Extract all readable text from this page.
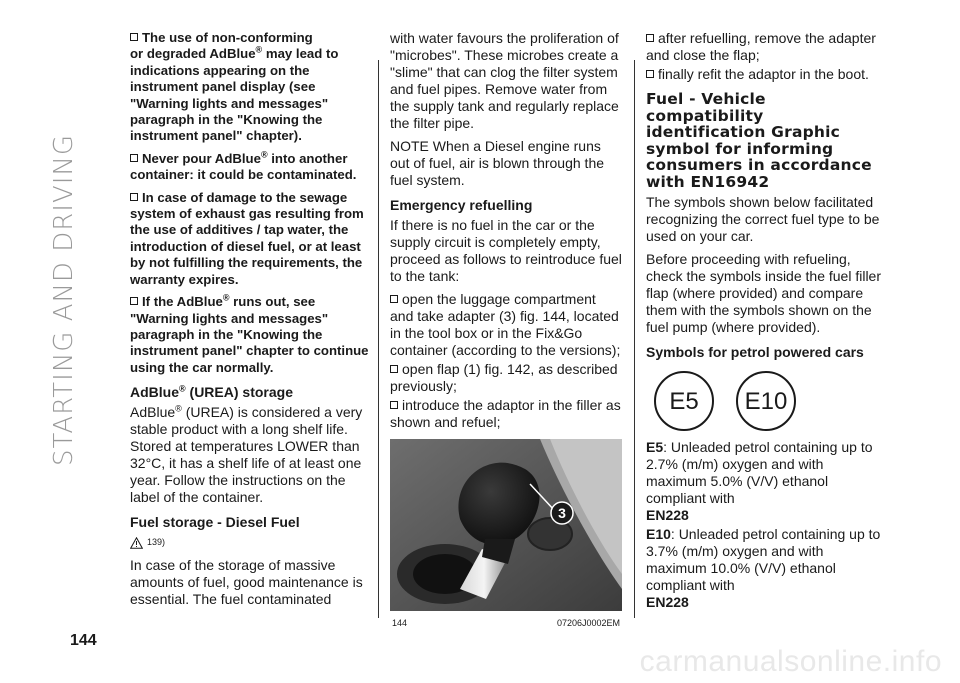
STARTING AND DRIVING

The use of non-conforming
or degraded AdBlue® may lead to indications appearing on the instrument panel display (see "Warning lights and messages" paragraph in the "Knowing the instrument panel" chapter).

Never pour AdBlue® into another container: it could be contaminated.

In case of damage to the sewage system of exhaust gas resulting from the use of additives / tap water, the introduction of diesel fuel, or at least by not fulfilling the requirements, the warranty expires.

If the AdBlue® runs out, see "Warning lights and messages" paragraph in the "Knowing the instrument panel" chapter to continue using the car normally.

AdBlue® (UREA) storage

AdBlue® (UREA) is considered a very stable product with a long shelf life. Stored at temperatures LOWER than 32°C, it has a shelf life of at least one year. Follow the instructions on the label of the container.

Fuel storage - Diesel Fuel
139)

In case of the storage of massive amounts of fuel, good maintenance is essential. The fuel contaminated

with water favours the proliferation of "microbes". These microbes create a "slime" that can clog the filter system and fuel pipes. Remove water from the supply tank and regularly replace the filter pipe.

NOTE When a Diesel engine runs out of fuel, air is blown through the fuel system.

Emergency refuelling

If there is no fuel in the car or the supply circuit is completely empty, proceed as follows to reintroduce fuel to the tank:

open the luggage compartment and take adapter (3) fig. 144, located in the tool box or in the Fix&Go container (according to the versions);

open flap (1) fig. 142, as described previously;

introduce the adaptor in the filler as shown and refuel;

3
144	07206J0002EM

after refuelling, remove the adapter and close the flap;

finally refit the adaptor in the boot.

Fuel - Vehicle compatibility identification Graphic symbol for informing consumers in accordance with EN16942

The symbols shown below facilitated recognizing the correct fuel type to be used on your car.

Before proceeding with refueling, check the symbols inside the fuel filler flap (where provided) and compare them with the symbols shown on the fuel pump (where provided).

Symbols for petrol powered cars
E5	E10

E5: Unleaded petrol containing up to 2.7% (m/m) oxygen and with maximum 5.0% (V/V) ethanol compliant with
EN228

E10: Unleaded petrol containing up to 3.7% (m/m) oxygen and with maximum 10.0% (V/V) ethanol compliant with
EN228

144
carmanualsonline.info
